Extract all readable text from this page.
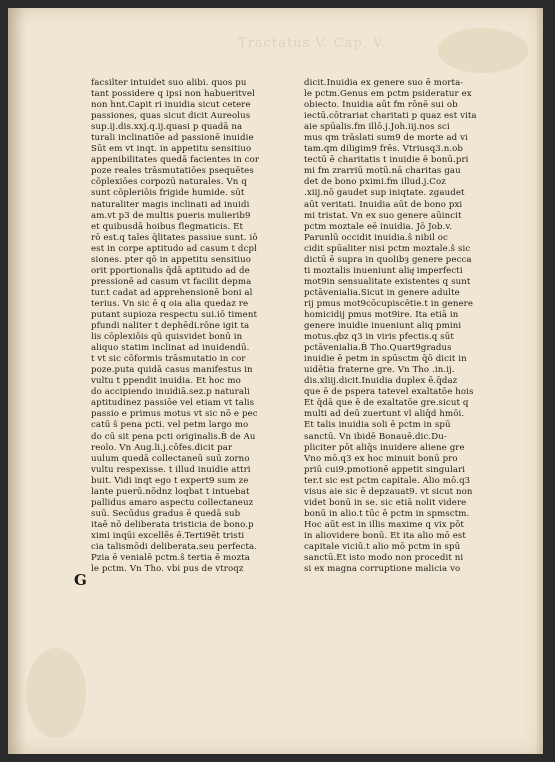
Tractatus V. Cap. V.
facsilter intuidet suo alibi. quos pu
tant possidere q ipsi non habueritvel
non hnt.Capit ri inuidia sicut cetere
passiones, quas sicut dicit Aureolus
sup.ij.dis.xxj.q.ij.quasi p quadā na
turali inclinatiōe ad passionē inuidie
Sūt em vt inqt. in appetitu sensitiuo
appenibilitates quedā facientes in cor
poze reales trāsmutatiōes psequētes
cōplexiōes corpozū naturales. Vn q
sunt cōpleriōis frigide humide. sūt
naturaliter magis inclinati ad inuidi
am.vt p3 de multis pueris mulierib9
et quibusdā hoibus flegmaticis. Et
rō est.q tales q̄litates passiue sunt. iō
est in corpe aptitudo ad casum t dcpl
siones. pter qō in appetitu sensitiuo
orit pportionalis q̄dā aptitudo ad de
pressionē ad casum vt facilit depma
tur.t cadat ad apprehensionē boni al
terius. Vn sic ē q oia alia quedaz re
putant supioza respectu sui.iō timent
pfundi naliter t dephēdi.rōne igit ta
lis cōplexiōis qū quisvidet bonū in
aliquo statim inclinat ad inuidendū.
t vt sic cōformis trāsmutatio in cor
poze.puta quidā casus manifestus in
vultu t ppendit inuidia. Et hoc mo
do accipiendo inuidiā.sez.p naturali
aptitudinez passiōe vel etiam vt talis
passio e primus motus vt sic nō e pec
catū ŝ pena pcti. vel petm largo mo
do cū sit pena pcti originalis.Ḃ de Au
reolo. Vn Aug.li.j.cōfes.dicit par
uulum quedā collectaneū suū zorno
vultu respexisse. t illud inuidie attri
buit. Vidi inqt ego t expert9 sum ze
lante puerū.nōdnz loqbat t intuebat
pallidus amaro aspectu collectaneuz
suū. Secūdus gradus ē quedā sub
itaē nō deliberata tristicia de bono.p
ximi inqūi excellēs ē.Terti9ēt tristi
cia talismōdi deliberata.seu perfecta.
Pzia ē venialē pctm.ŝ tertia ē mozta
le pctm. Vn Tho. vbi pus de vtroqz
dicit.Inuidia ex genere suo ē morta-
le pctm.Genus em pctm psideratur ex
obiecto. Inuidia aūt fm rōnē sui ob
iectū.cōtrariat charitati p quaz est vita
aie spūalis.fm illō.j.Joh.iij.nos sci
mus qm trāslati sum9 de morte ad vi
tam.qm diligim9 frēs. Vtriusq3.n.ob
tectū ē charitatis t inuidie ē bonū.pri
mi fm zrarriū motū.nā charitas gau
det de bono pximi.fm illud.j.Coz
.xiij.nō gaudet sup iniqtate. zgaudet
aūt veritati. Inuidia aūt de bono pxi
mi tristat. Vn ex suo genere aūincit
pctm moztale eē inuidia. Jō Job.v.
Parunlū occidit inuidia.ŝ nibil oc
cidit spūaliter nisi pctm moztale.ŝ sic
dictū ē supra in quolibȝ genere pecca
ti moztalis inueniunt aliqͥ imperfecti
mot9in sensualitate existentes q sunt
pctāvenialia.Sicut in genere adulte
rij pmus mot9cōcupiscētie.t in genere
homicidij pmus mot9ire. Ita etiā in
genere inuidie inueniunt aliq pmini
motus.qͥbz q3 in viris pfectis.q sūt
pctāvenialia.Ḃ Tho.Quart9gradus
inuidie ē petm in spūsctm q̄ō dicit in
uidētia fraterne gre. Vn Tho .in.ij.
dis.xliij.dicit.Inuidia duplex ē.q̄daz
que ē de pspera tatevel exaltatōe hois
Et q̄dā que ē de exaltatōe gre.sicut q
multi ad deū zuertunt vl aliq̄d hmōi.
Et talis inuidia soli ē pctm in spū
sanctū. Vn ibidē Bonauē.dic.Du-
pliciter pōt aliq̄s inuidere aliene gre
Vno mō.q3 ex hoc minuit bonū pro
priū cui9.pmotionē appetit singulari
ter.t sic est pctm capitale. Alio mō.q3
visus aie sic ē depzauat9. vt sicut non
videt bonū in se. sic etiā nolit videre
bonū in alio.t tūc ē pctm in spmsctm.
Hoc aūt est in illis maxime q vix pōt
in aliovidere bonū. Et ita alio mō est
capitale viciū.t alio mō pctm in spū
sanctū.Et isto modo non procedit ni
si ex magna corruptione malicia vo
G
